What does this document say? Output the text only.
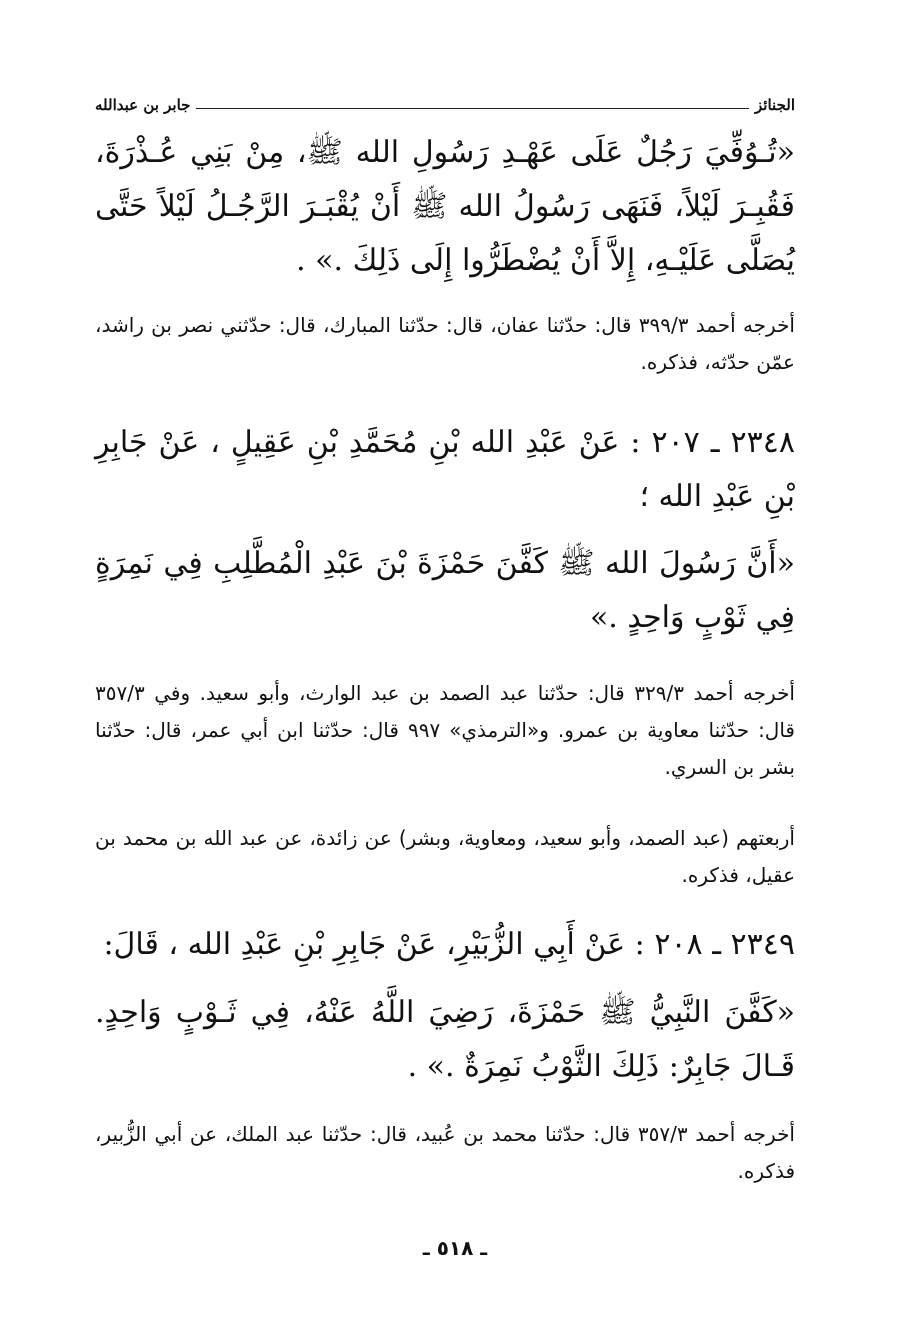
الجنائز
جابر بن عبدالله
«تُـوُفِّيَ رَجُلٌ عَلَى عَهْـدِ رَسُولِ الله ﷺ، مِنْ بَنِي عُـذْرَةَ، فَقُبِـرَ لَيْلاً، فَنَهَى رَسُولُ الله ﷺ أَنْ يُقْبَـرَ الرَّجُـلُ لَيْلاً حَتَّى يُصَلَّى عَلَيْـهِ، إِلاَّ أَنْ يُضْطَرُّوا إِلَى ذَلِكَ .» .
أخرجه أحمد ٣٩٩/٣ قال: حدّثنا عفان، قال: حدّثنا المبارك، قال: حدّثني نصر بن راشد، عمّن حدّثه، فذكره.
٢٣٤٨ ـ ٢٠٧ : عَنْ عَبْدِ الله بْنِ مُحَمَّدِ بْنِ عَقِيلٍ ، عَنْ جَابِرِ بْنِ عَبْدِ الله ؛
«أَنَّ رَسُولَ الله ﷺ كَفَّنَ حَمْزَةَ بْنَ عَبْدِ الْمُطَّلِبِ فِي نَمِرَةٍ فِي ثَوْبٍ وَاحِدٍ .»
أخرجه أحمد ٣٢٩/٣ قال: حدّثنا عبد الصمد بن عبد الوارث، وأبو سعيد. وفي ٣٥٧/٣ قال: حدّثنا معاوية بن عمرو. و«الترمذي» ٩٩٧ قال: حدّثنا ابن أبي عمر، قال: حدّثنا بشر بن السري.
أربعتهم (عبد الصمد، وأبو سعيد، ومعاوية، وبشر) عن زائدة، عن عبد الله بن محمد بن عقيل، فذكره.
٢٣٤٩ ـ ٢٠٨ : عَنْ أَبِي الزُّبَيْرِ، عَنْ جَابِرِ بْنِ عَبْدِ الله ، قَالَ:
«كَفَّنَ النَّبِيُّ ﷺ حَمْزَةَ، رَضِيَ اللَّهُ عَنْهُ، فِي ثَـوْبٍ وَاحِدٍ. قَـالَ جَابِرٌ: ذَلِكَ الثَّوْبُ نَمِرَةٌ .» .
أخرجه أحمد ٣٥٧/٣ قال: حدّثنا محمد بن عُبيد، قال: حدّثنا عبد الملك، عن أبي الزُّبير، فذكره.
ـ ٥١٨ ـ
